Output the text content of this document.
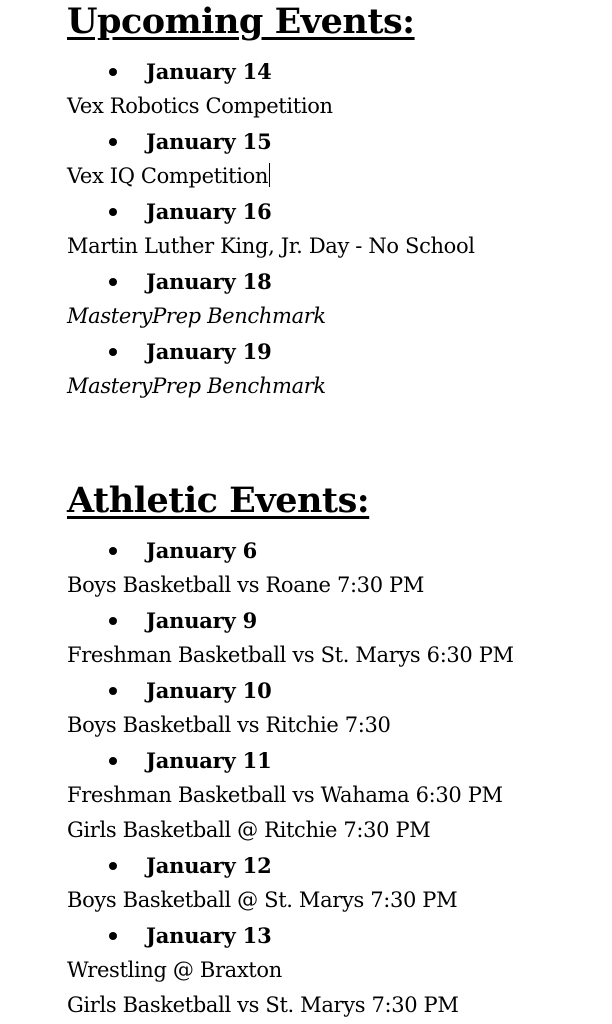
Upcoming Events:
January 14
Vex Robotics Competition
January 15
Vex IQ Competition
January 16
Martin Luther King, Jr. Day - No School
January 18
MasteryPrep Benchmark
January 19
MasteryPrep Benchmark
Athletic Events:
January 6
Boys Basketball vs Roane 7:30 PM
January 9
Freshman Basketball vs St. Marys 6:30 PM
January 10
Boys Basketball vs Ritchie 7:30
January 11
Freshman Basketball vs Wahama 6:30 PM
Girls Basketball @ Ritchie 7:30 PM
January 12
Boys Basketball @ St. Marys 7:30 PM
January 13
Wrestling @ Braxton
Girls Basketball vs St. Marys 7:30 PM
